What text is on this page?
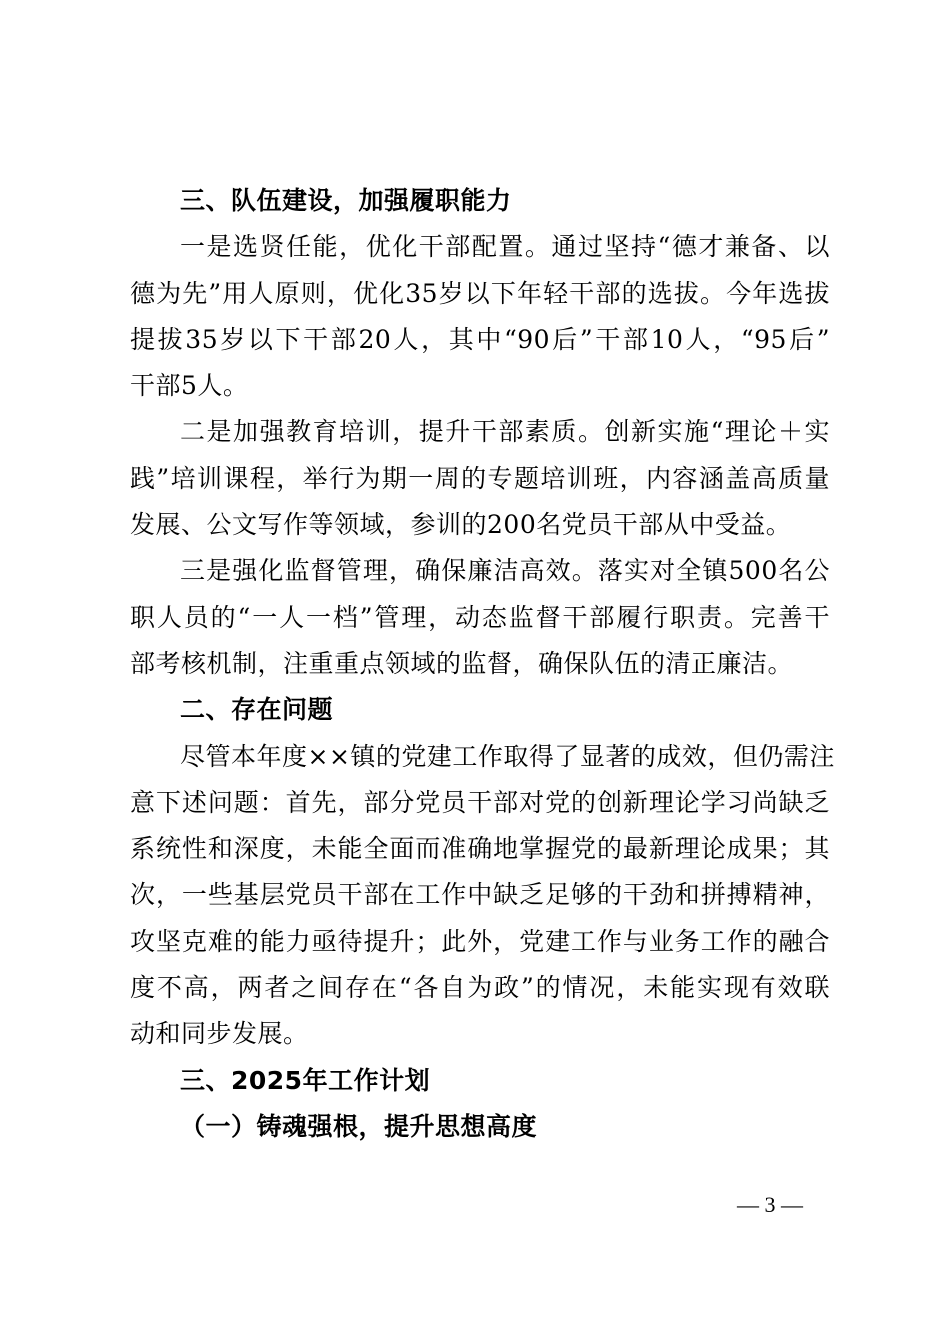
三、队伍建设，加强履职能力
一是选贤任能，优化干部配置。通过坚持“德才兼备、以
德为先”用人原则，优化35岁以下年轻干部的选拔。今年选拔
提拔35岁以下干部20人，其中“90后”干部10人，“95后”
干部5人。
二是加强教育培训，提升干部素质。创新实施“理论＋实
践”培训课程，举行为期一周的专题培训班，内容涵盖高质量
发展、公文写作等领域，参训的200名党员干部从中受益。
三是强化监督管理，确保廉洁高效。落实对全镇500名公
职人员的“一人一档”管理，动态监督干部履行职责。完善干
部考核机制，注重重点领域的监督，确保队伍的清正廉洁。
二、存在问题
尽管本年度××镇的党建工作取得了显著的成效，但仍需注
意下述问题：首先，部分党员干部对党的创新理论学习尚缺乏
系统性和深度，未能全面而准确地掌握党的最新理论成果；其
次，一些基层党员干部在工作中缺乏足够的干劲和拼搏精神，
攻坚克难的能力亟待提升；此外，党建工作与业务工作的融合
度不高，两者之间存在“各自为政”的情况，未能实现有效联
动和同步发展。
三、2025年工作计划
（一）铸魂强根，提升思想高度
— 3 —
